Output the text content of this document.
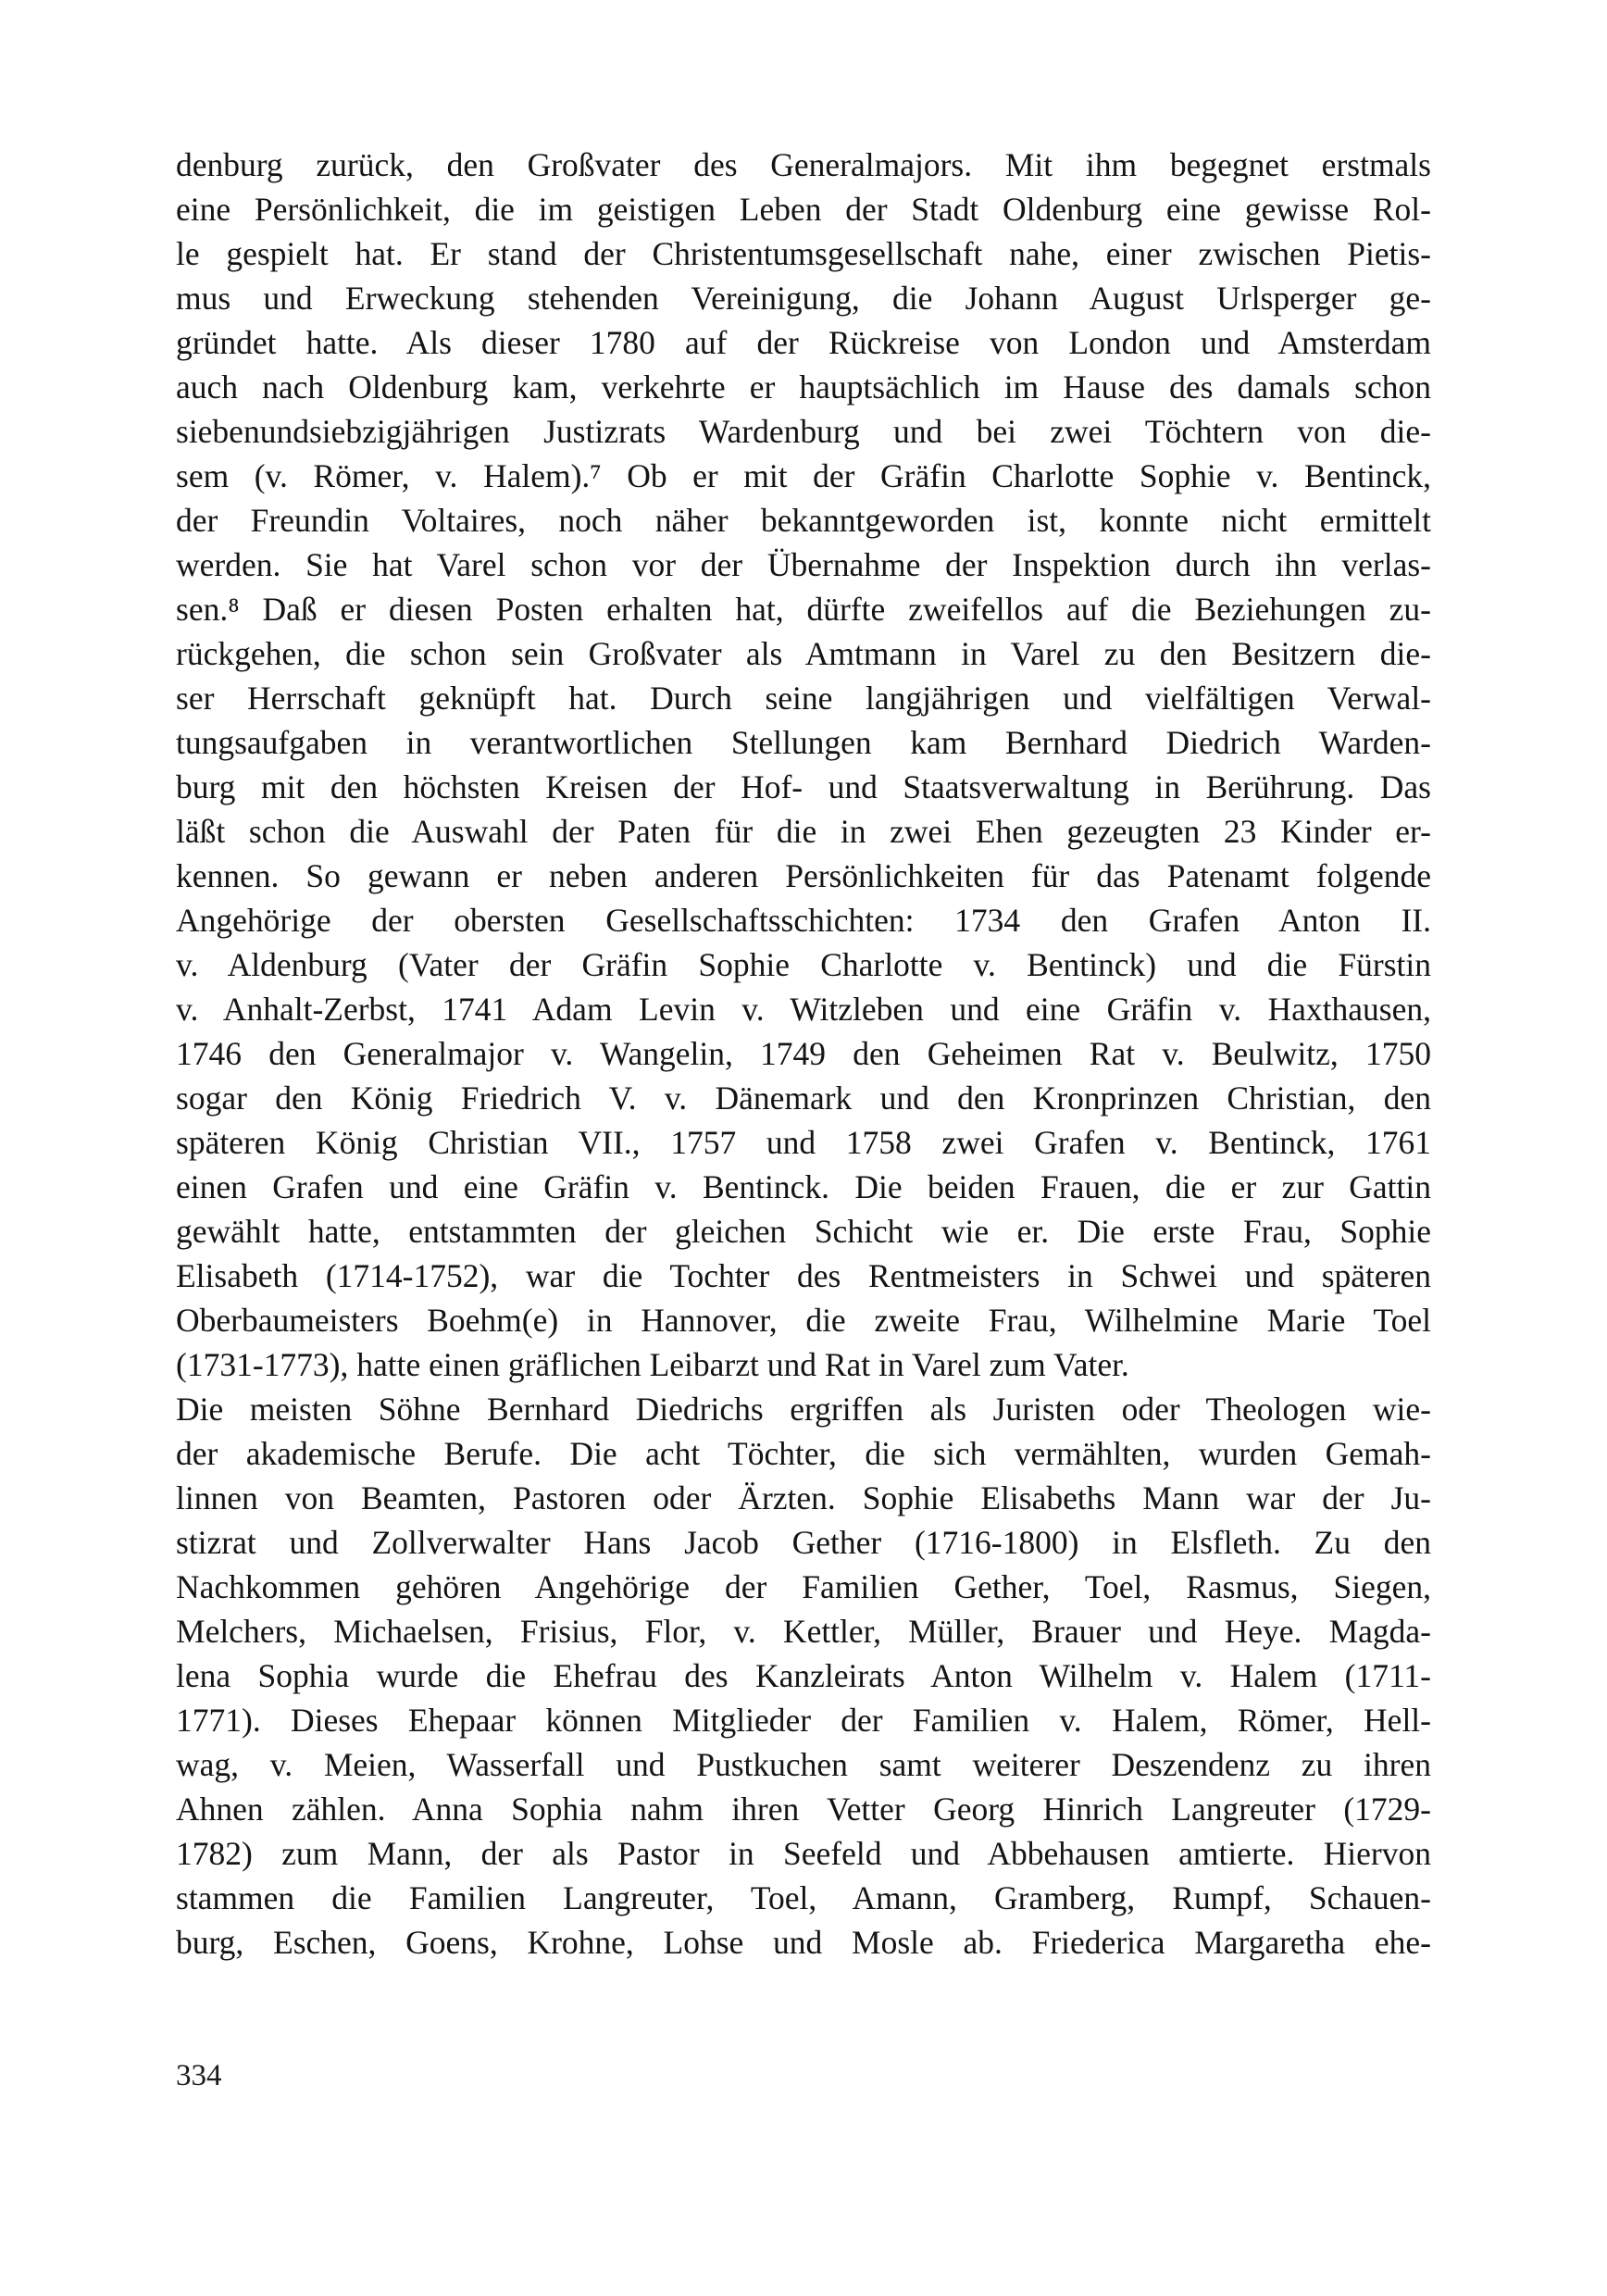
denburg zurück, den Großvater des Generalmajors. Mit ihm begegnet erstmals
eine Persönlichkeit, die im geistigen Leben der Stadt Oldenburg eine gewisse Rol-
le gespielt hat. Er stand der Christentumsgesellschaft nahe, einer zwischen Pietis-
mus und Erweckung stehenden Vereinigung, die Johann August Urlsperger ge-
gründet hatte. Als dieser 1780 auf der Rückreise von London und Amsterdam
auch nach Oldenburg kam, verkehrte er hauptsächlich im Hause des damals schon
siebenundsiebzigjährigen Justizrats Wardenburg und bei zwei Töchtern von die-
sem (v. Römer, v. Halem).⁷ Ob er mit der Gräfin Charlotte Sophie v. Bentinck,
der Freundin Voltaires, noch näher bekanntgeworden ist, konnte nicht ermittelt
werden. Sie hat Varel schon vor der Übernahme der Inspektion durch ihn verlas-
sen.⁸ Daß er diesen Posten erhalten hat, dürfte zweifellos auf die Beziehungen zu-
rückgehen, die schon sein Großvater als Amtmann in Varel zu den Besitzern die-
ser Herrschaft geknüpft hat. Durch seine langjährigen und vielfältigen Verwal-
tungsaufgaben in verantwortlichen Stellungen kam Bernhard Diedrich Warden-
burg mit den höchsten Kreisen der Hof- und Staatsverwaltung in Berührung. Das
läßt schon die Auswahl der Paten für die in zwei Ehen gezeugten 23 Kinder er-
kennen. So gewann er neben anderen Persönlichkeiten für das Patenamt folgende
Angehörige der obersten Gesellschaftsschichten: 1734 den Grafen Anton II.
v. Aldenburg (Vater der Gräfin Sophie Charlotte v. Bentinck) und die Fürstin
v. Anhalt-Zerbst, 1741 Adam Levin v. Witzleben und eine Gräfin v. Haxthausen,
1746 den Generalmajor v. Wangelin, 1749 den Geheimen Rat v. Beulwitz, 1750
sogar den König Friedrich V. v. Dänemark und den Kronprinzen Christian, den
späteren König Christian VII., 1757 und 1758 zwei Grafen v. Bentinck, 1761
einen Grafen und eine Gräfin v. Bentinck. Die beiden Frauen, die er zur Gattin
gewählt hatte, entstammten der gleichen Schicht wie er. Die erste Frau, Sophie
Elisabeth (1714-1752), war die Tochter des Rentmeisters in Schwei und späteren
Oberbaumeisters Boehm(e) in Hannover, die zweite Frau, Wilhelmine Marie Toel
(1731-1773), hatte einen gräflichen Leibarzt und Rat in Varel zum Vater.
Die meisten Söhne Bernhard Diedrichs ergriffen als Juristen oder Theologen wie-
der akademische Berufe. Die acht Töchter, die sich vermählten, wurden Gemah-
linnen von Beamten, Pastoren oder Ärzten. Sophie Elisabeths Mann war der Ju-
stizrat und Zollverwalter Hans Jacob Gether (1716-1800) in Elsfleth. Zu den
Nachkommen gehören Angehörige der Familien Gether, Toel, Rasmus, Siegen,
Melchers, Michaelsen, Frisius, Flor, v. Kettler, Müller, Brauer und Heye. Magda-
lena Sophia wurde die Ehefrau des Kanzleirats Anton Wilhelm v. Halem (1711-
1771). Dieses Ehepaar können Mitglieder der Familien v. Halem, Römer, Hell-
wag, v. Meien, Wasserfall und Pustkuchen samt weiterer Deszendenz zu ihren
Ahnen zählen. Anna Sophia nahm ihren Vetter Georg Hinrich Langreuter (1729-
1782) zum Mann, der als Pastor in Seefeld und Abbehausen amtierte. Hiervon
stammen die Familien Langreuter, Toel, Amann, Gramberg, Rumpf, Schauen-
burg, Eschen, Goens, Krohne, Lohse und Mosle ab. Friederica Margaretha ehe-
334
